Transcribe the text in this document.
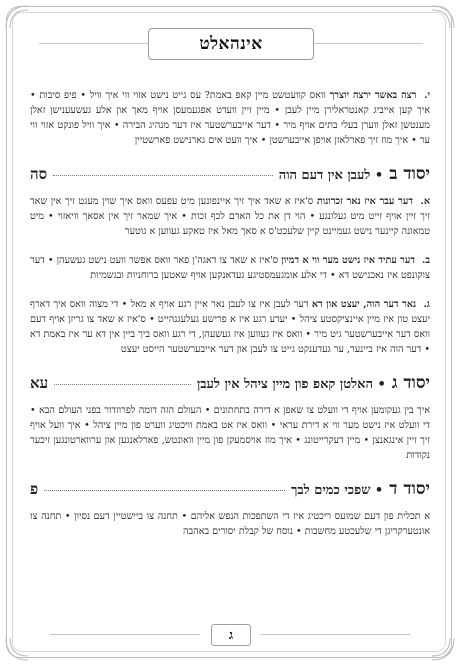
אינהאלט

י. רצה באשר ירצה יוצרך וואס קוועטשט מיין קאפ באמת? עס גייט נישט אזוי ווי איך וויל • פיפ סיבות • איך קען אייביג קאנטראלירן מיין לעבן • מיין זיין וועדט אפגעמעסן אויף מאך און אלע געשעענישן זאלן מענטשן זאלן ווערן בעלי בתים אויף מיר • דער אייבערשטער איז דער מנהיג הבירה • איך וויל פונקט אזוי ווי ער • איך מוז זיך פארלאזן אויפן אייבערשטן • איך וועט אים גארנישט פארשטיין

יסוד ב
• לעבן אין דעם הוה
סה

א. דער עבר איז נאר זכרונות ס'איז א שאד איך זיך איינפונען מיט עפעס וואס איך שוין מעגט זיך אין שאד זיך זיין אויף זייט מיט געלונגע • הוי דן את כל האדם לכף זכות • איך שמאר זיך אין אסאך וויאזוי • מיט טמאונה קיינער נישט געמיינט קיין שלעכט'ס א סאך מאל איז טאקע געווען א גוטער

ב. דער עתיד איז נישט מער ווי א דמיון ס'איז א שאד צו דאגה'ן פאר וואס אפשר וועט נישט געשעהן • דער צוקונפט איז נאכנישט דא • די אלע אומגעמסטיגע געדאנקען אויף שאטען ברוחניות ובגשמיות

ג. נאר דער הוה, יעצט און דא דער לעבן איז צו לעבן נאר איין רגע אויף א מאל • די מצוה וואס איך דארף יעצט טון איז מיין איינציקסטע ציהל • יעדע רגע איז א פרישע געלעגנהייט • ס'איז א שאד צו גריזן אויף דעם וואס דער אייבערשטער גיט מיר • וואס איז געווען איז געשעהן, די רגע וואס ביך ביין אין דא ער איז באמת דא • דער הוה איז ביינער, ער געדענקט גייט צו לעבן און דער אייבערשטער הייסט יעצט

יסוד ג
• האלטן קאפ פון מיין ציהל אין לעבן
עא

איך בין געקומען אויף די וועלט צו שאפן א דירה בתחתונים • העולם הזה דומה לפרוזדור בפני העולם הבא • די וועלט איז נישט מער ווי א דירת עראי • וואס איז אט באמת וויכטיג ווערט פון מיין ציהל • איך וועל אויף זיך זיין אינגאנצן • מיין דעקרייטונג • איך מוז אויסמעקן פון מיין וואונטש, פארלאנגען און ערווארטונגען זיכער נקודות

יסוד ד
• שפכי כמים לבך
פ

א תכלית פון דעם שמועס ריכטיג איז די השתפכות הנפש אליהם • תחנה צו ביישטיין דעם נסיון • תחנה צו אונטערקריגן די שלעכטע מחשבות • נוסח של קבלת יסורים באהבה

ג
